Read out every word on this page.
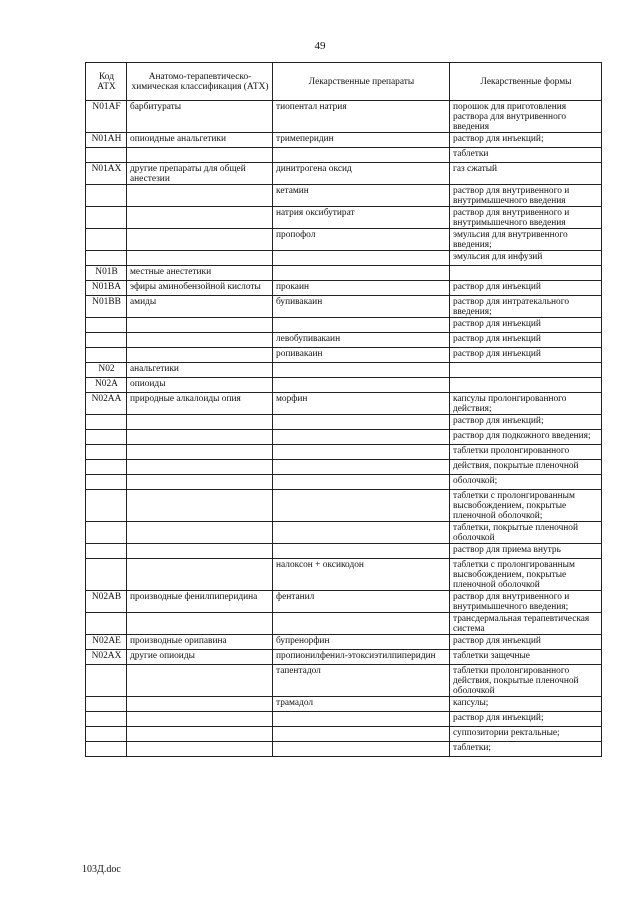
49
Код АТХ	Анатомо-терапевтическо-химическая классификация (АТХ)	Лекарственные препараты	Лекарственные формы
N01AF	барбитураты	тиопентал натрия	порошок для приготовления раствора для внутривенного введения
N01AH	опиоидные анальгетики	тримеперидин	раствор для инъекций;
			таблетки
N01AX	другие препараты для общей анестезии	динитрогена оксид	газ сжатый
		кетамин	раствор для внутривенного и внутримышечного введения
		натрия оксибутират	раствор для внутривенного и внутримышечного введения
		пропофол	эмульсия для внутривенного введения;
			эмульсия для инфузий
N01B	местные анестетики		
N01BA	эфиры аминобензойной кислоты	прокаин	раствор для инъекций
N01BB	амиды	бупивакаин	раствор для интратекального введения;
			раствор для инъекций
		левобупивакаин	раствор для инъекций
		ропивакаин	раствор для инъекций
N02	анальгетики		
N02A	опиоиды		
N02AA	природные алкалоиды опия	морфин	капсулы пролонгированного действия;
			раствор для инъекций;
			раствор для подкожного введения;
			таблетки пролонгированного
			действия, покрытые пленочной
			оболочкой;
			таблетки с пролонгированным высвобождением, покрытые пленочной оболочкой;
			таблетки, покрытые пленочной оболочкой
			раствор для приема внутрь
		налоксон + оксикодон	таблетки с пролонгированным высвобождением, покрытые пленочной оболочкой
N02AB	производные фенилпиперидина	фентанил	раствор для внутривенного и внутримышечного введения;
			трансдермальная терапевтическая система
N02AE	производные орипавина	бупренорфин	раствор для инъекций
N02AX	другие опиоиды	пропионилфенил-этоксиэтилпиперидин	таблетки защечные
		тапентадол	таблетки пролонгированного действия, покрытые пленочной оболочкой
		трамадол	капсулы;
			раствор для инъекций;
			суппозитории ректальные;
			таблетки;
103Д.doc
